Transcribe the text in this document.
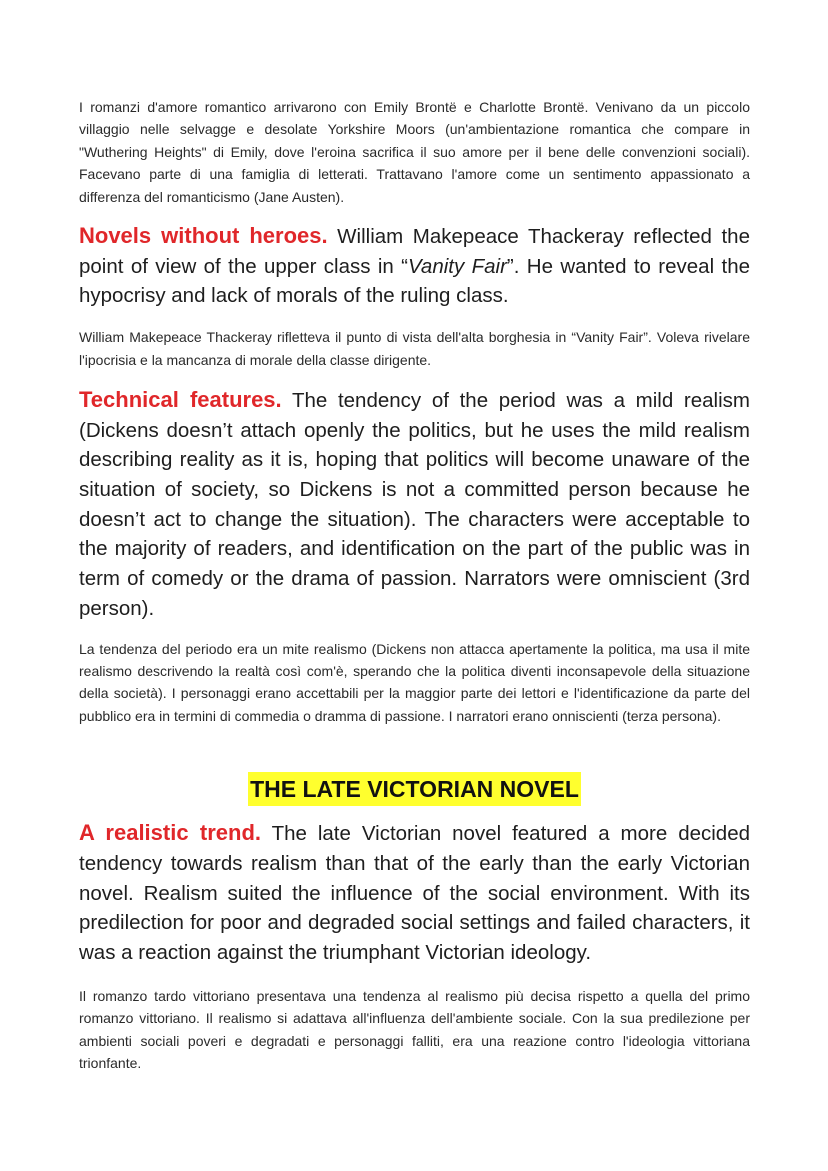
I romanzi d'amore romantico arrivarono con Emily Brontë e Charlotte Brontë. Venivano da un piccolo villaggio nelle selvagge e desolate Yorkshire Moors (un'ambientazione romantica che compare in "Wuthering Heights" di Emily, dove l'eroina sacrifica il suo amore per il bene delle convenzioni sociali). Facevano parte di una famiglia di letterati. Trattavano l'amore come un sentimento appassionato a differenza del romanticismo (Jane Austen).

Novels without heroes. William Makepeace Thackeray reflected the point of view of the upper class in “Vanity Fair”. He wanted to reveal the hypocrisy and lack of morals of the ruling class.

William Makepeace Thackeray rifletteva il punto di vista dell'alta borghesia in “Vanity Fair”. Voleva rivelare l'ipocrisia e la mancanza di morale della classe dirigente.

Technical features. The tendency of the period was a mild realism (Dickens doesn’t attach openly the politics, but he uses the mild realism describing reality as it is, hoping that politics will become unaware of the situation of society, so Dickens is not a committed person because he doesn’t act to change the situation). The characters were acceptable to the majority of readers, and identification on the part of the public was in term of comedy or the drama of passion. Narrators were omniscient (3rd person).

La tendenza del periodo era un mite realismo (Dickens non attacca apertamente la politica, ma usa il mite realismo descrivendo la realtà così com'è, sperando che la politica diventi inconsapevole della situazione della società). I personaggi erano accettabili per la maggior parte dei lettori e l'identificazione da parte del pubblico era in termini di commedia o dramma di passione. I narratori erano onniscienti (terza persona).

THE LATE VICTORIAN NOVEL

A realistic trend. The late Victorian novel featured a more decided tendency towards realism than that of the early than the early Victorian novel. Realism suited the influence of the social environment. With its predilection for poor and degraded social settings and failed characters, it was a reaction against the triumphant Victorian ideology.

Il romanzo tardo vittoriano presentava una tendenza al realismo più decisa rispetto a quella del primo romanzo vittoriano. Il realismo si adattava all'influenza dell'ambiente sociale. Con la sua predilezione per ambienti sociali poveri e degradati e personaggi falliti, era una reazione contro l'ideologia vittoriana trionfante.
